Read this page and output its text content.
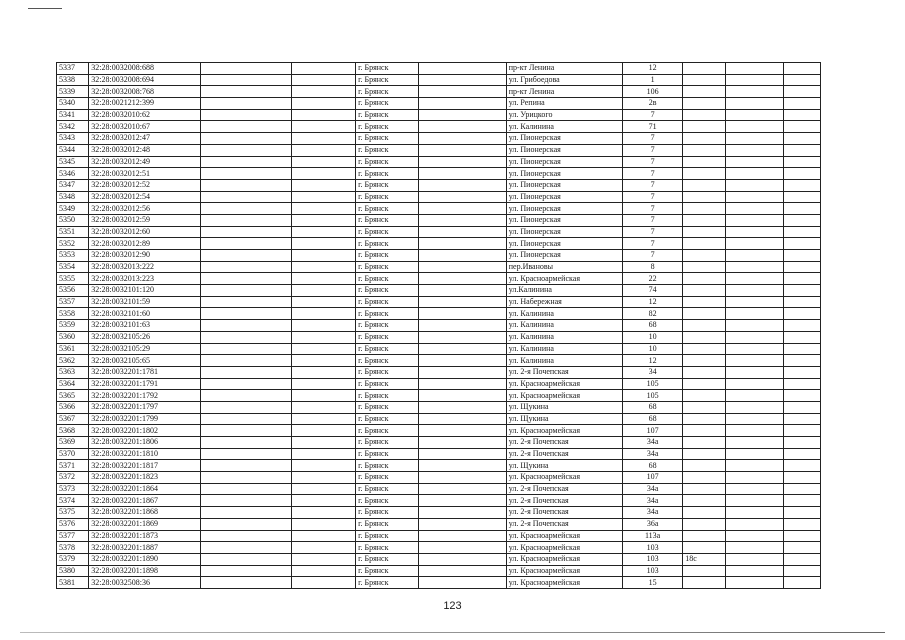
5337	32:28:0032008:688			г. Брянск		пр-кт Ленина	12			
5338	32:28:0032008:694			г. Брянск		ул. Грибоедова	1			
5339	32:28:0032008:768			г. Брянск		пр-кт Ленина	106			
5340	32:28:0021212:399			г. Брянск		ул. Репина	2в			
5341	32:28:0032010:62			г. Брянск		ул. Урицкого	7			
5342	32:28:0032010:67			г. Брянск		ул. Калинина	71			
5343	32:28:0032012:47			г. Брянск		ул. Пионерская	7			
5344	32:28:0032012:48			г. Брянск		ул. Пионерская	7			
5345	32:28:0032012:49			г. Брянск		ул. Пионерская	7			
5346	32:28:0032012:51			г. Брянск		ул. Пионерская	7			
5347	32:28:0032012:52			г. Брянск		ул. Пионерская	7			
5348	32:28:0032012:54			г. Брянск		ул. Пионерская	7			
5349	32:28:0032012:56			г. Брянск		ул. Пионерская	7			
5350	32:28:0032012:59			г. Брянск		ул. Пионерская	7			
5351	32:28:0032012:60			г. Брянск		ул. Пионерская	7			
5352	32:28:0032012:89			г. Брянск		ул. Пионерская	7			
5353	32:28:0032012:90			г. Брянск		ул. Пионерская	7			
5354	32:28:0032013:222			г. Брянск		пер.Ивановы	8			
5355	32:28:0032013:223			г. Брянск		ул. Красноармейская	22			
5356	32:28:0032101:120			г. Брянск		ул.Калинина	74			
5357	32:28:0032101:59			г. Брянск		ул. Набережная	12			
5358	32:28:0032101:60			г. Брянск		ул. Калинина	82			
5359	32:28:0032101:63			г. Брянск		ул. Калинина	68			
5360	32:28:0032105:26			г. Брянск		ул. Калинина	10			
5361	32:28:0032105:29			г. Брянск		ул. Калинина	10			
5362	32:28:0032105:65			г. Брянск		ул. Калинина	12			
5363	32:28:0032201:1781			г. Брянск		ул. 2-я Почепская	34			
5364	32:28:0032201:1791			г. Брянск		ул. Красноармейская	105			
5365	32:28:0032201:1792			г. Брянск		ул. Красноармейская	105			
5366	32:28:0032201:1797			г. Брянск		ул. Щукина	68			
5367	32:28:0032201:1799			г. Брянск		ул. Щукина	68			
5368	32:28:0032201:1802			г. Брянск		ул. Красноармейская	107			
5369	32:28:0032201:1806			г. Брянск		ул. 2-я Почепская	34а			
5370	32:28:0032201:1810			г. Брянск		ул. 2-я Почепская	34а			
5371	32:28:0032201:1817			г. Брянск		ул. Щукина	68			
5372	32:28:0032201:1823			г. Брянск		ул. Красноармейская	107			
5373	32:28:0032201:1864			г. Брянск		ул. 2-я Почепская	34а			
5374	32:28:0032201:1867			г. Брянск		ул. 2-я Почепская	34а			
5375	32:28:0032201:1868			г. Брянск		ул. 2-я Почепская	34а			
5376	32:28:0032201:1869			г. Брянск		ул. 2-я Почепская	36а			
5377	32:28:0032201:1873			г. Брянск		ул. Красноармейская	113а			
5378	32:28:0032201:1887			г. Брянск		ул. Красноармейская	103			
5379	32:28:0032201:1890			г. Брянск		ул. Красноармейская	103	18с		
5380	32:28:0032201:1898			г. Брянск		ул. Красноармейская	103			
5381	32:28:0032508:36			г. Брянск		ул. Красноармейская	15			
123
